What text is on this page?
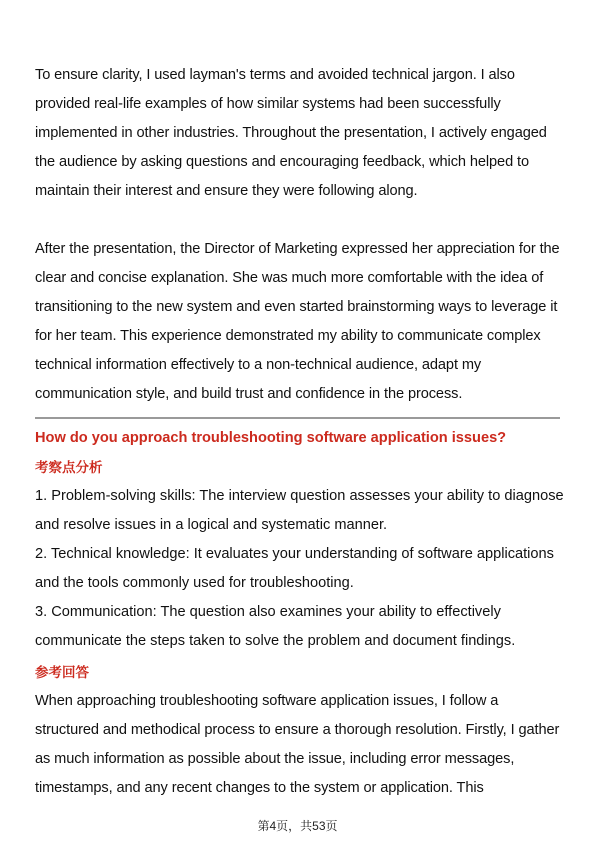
To ensure clarity, I used layman's terms and avoided technical jargon. I also provided real-life examples of how similar systems had been successfully implemented in other industries. Throughout the presentation, I actively engaged the audience by asking questions and encouraging feedback, which helped to maintain their interest and ensure they were following along.

After the presentation, the Director of Marketing expressed her appreciation for the clear and concise explanation. She was much more comfortable with the idea of transitioning to the new system and even started brainstorming ways to leverage it for her team. This experience demonstrated my ability to communicate complex technical information effectively to a non-technical audience, adapt my communication style, and build trust and confidence in the process.

How do you approach troubleshooting software application issues?

考察点分析

1. Problem-solving skills: The interview question assesses your ability to diagnose and resolve issues in a logical and systematic manner.

2. Technical knowledge: It evaluates your understanding of software applications and the tools commonly used for troubleshooting.

3. Communication: The question also examines your ability to effectively communicate the steps taken to solve the problem and document findings.

参考回答

When approaching troubleshooting software application issues, I follow a structured and methodical process to ensure a thorough resolution. Firstly, I gather as much information as possible about the issue, including error messages, timestamps, and any recent changes to the system or application. This

第4页，共53页
